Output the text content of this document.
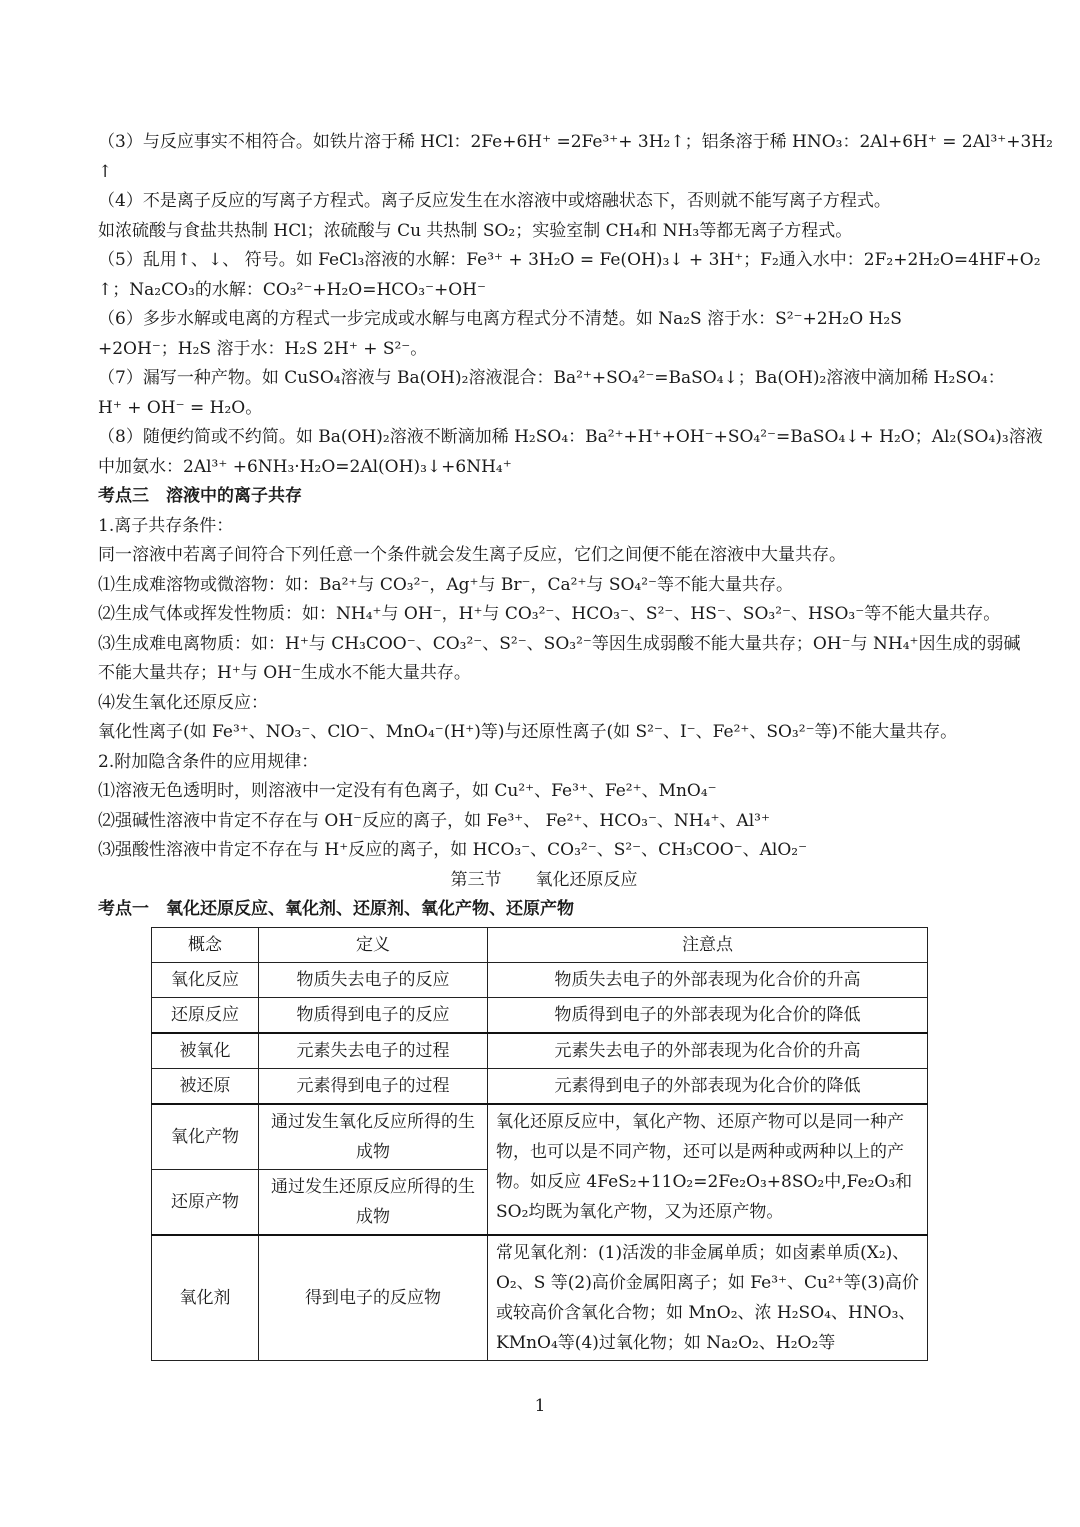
（3）与反应事实不相符合。如铁片溶于稀 HCl：2Fe+6H⁺ =2Fe³⁺+ 3H₂↑；铝条溶于稀 HNO₃：2Al+6H⁺ = 2Al³⁺+3H₂
↑
（4）不是离子反应的写离子方程式。离子反应发生在水溶液中或熔融状态下，否则就不能写离子方程式。
如浓硫酸与食盐共热制 HCl；浓硫酸与 Cu 共热制 SO₂；实验室制 CH₄和 NH₃等都无离子方程式。
（5）乱用↑、↓、 符号。如 FeCl₃溶液的水解：Fe³⁺ + 3H₂O = Fe(OH)₃↓ + 3H⁺；F₂通入水中：2F₂+2H₂O=4HF+O₂
↑；Na₂CO₃的水解：CO₃²⁻+H₂O=HCO₃⁻+OH⁻
（6）多步水解或电离的方程式一步完成或水解与电离方程式分不清楚。如 Na₂S 溶于水：S²⁻+2H₂O H₂S
+2OH⁻；H₂S 溶于水：H₂S 2H⁺ + S²⁻。
（7）漏写一种产物。如 CuSO₄溶液与 Ba(OH)₂溶液混合：Ba²⁺+SO₄²⁻=BaSO₄↓；Ba(OH)₂溶液中滴加稀 H₂SO₄：
H⁺ + OH⁻ = H₂O。
（8）随便约简或不约简。如 Ba(OH)₂溶液不断滴加稀 H₂SO₄：Ba²⁺+H⁺+OH⁻+SO₄²⁻=BaSO₄↓+ H₂O；Al₂(SO₄)₃溶液
中加氨水：2Al³⁺ +6NH₃·H₂O=2Al(OH)₃↓+6NH₄⁺
考点三　溶液中的离子共存
1.离子共存条件：
同一溶液中若离子间符合下列任意一个条件就会发生离子反应，它们之间便不能在溶液中大量共存。
⑴生成难溶物或微溶物：如：Ba²⁺与 CO₃²⁻，Ag⁺与 Br⁻，Ca²⁺与 SO₄²⁻等不能大量共存。
⑵生成气体或挥发性物质：如：NH₄⁺与 OH⁻，H⁺与 CO₃²⁻、HCO₃⁻、S²⁻、HS⁻、SO₃²⁻、HSO₃⁻等不能大量共存。
⑶生成难电离物质：如：H⁺与 CH₃COO⁻、CO₃²⁻、S²⁻、SO₃²⁻等因生成弱酸不能大量共存；OH⁻与 NH₄⁺因生成的弱碱
不能大量共存；H⁺与 OH⁻生成水不能大量共存。
⑷发生氧化还原反应：
氧化性离子(如 Fe³⁺、NO₃⁻、ClO⁻、MnO₄⁻(H⁺)等)与还原性离子(如 S²⁻、I⁻、Fe²⁺、SO₃²⁻等)不能大量共存。
2.附加隐含条件的应用规律：
⑴溶液无色透明时，则溶液中一定没有有色离子，如 Cu²⁺、Fe³⁺、Fe²⁺、MnO₄⁻
⑵强碱性溶液中肯定不存在与 OH⁻反应的离子，如 Fe³⁺、 Fe²⁺、HCO₃⁻、NH₄⁺、Al³⁺
⑶强酸性溶液中肯定不存在与 H⁺反应的离子，如 HCO₃⁻、CO₃²⁻、S²⁻、CH₃COO⁻、AlO₂⁻
第三节　　氧化还原反应
考点一　氧化还原反应、氧化剂、还原剂、氧化产物、还原产物
概念	定义	注意点
氧化反应	物质失去电子的反应	物质失去电子的外部表现为化合价的升高
还原反应	物质得到电子的反应	物质得到电子的外部表现为化合价的降低
被氧化	元素失去电子的过程	元素失去电子的外部表现为化合价的升高
被还原	元素得到电子的过程	元素得到电子的外部表现为化合价的降低
氧化产物	通过发生氧化反应所得的生成物	氧化还原反应中，氧化产物、还原产物可以是同一种产物，也可以是不同产物，还可以是两种或两种以上的产物。如反应 4FeS₂+11O₂=2Fe₂O₃+8SO₂中,Fe₂O₃和 SO₂均既为氧化产物，又为还原产物。
还原产物	通过发生还原反应所得的生成物	
氧化剂	得到电子的反应物	常见氧化剂：(1)活泼的非金属单质；如卤素单质(X₂)、O₂、S 等(2)高价金属阳离子；如 Fe³⁺、Cu²⁺等(3)高价或较高价含氧化合物；如 MnO₂、浓 H₂SO₄、HNO₃、KMnO₄等(4)过氧化物；如 Na₂O₂、H₂O₂等
1
